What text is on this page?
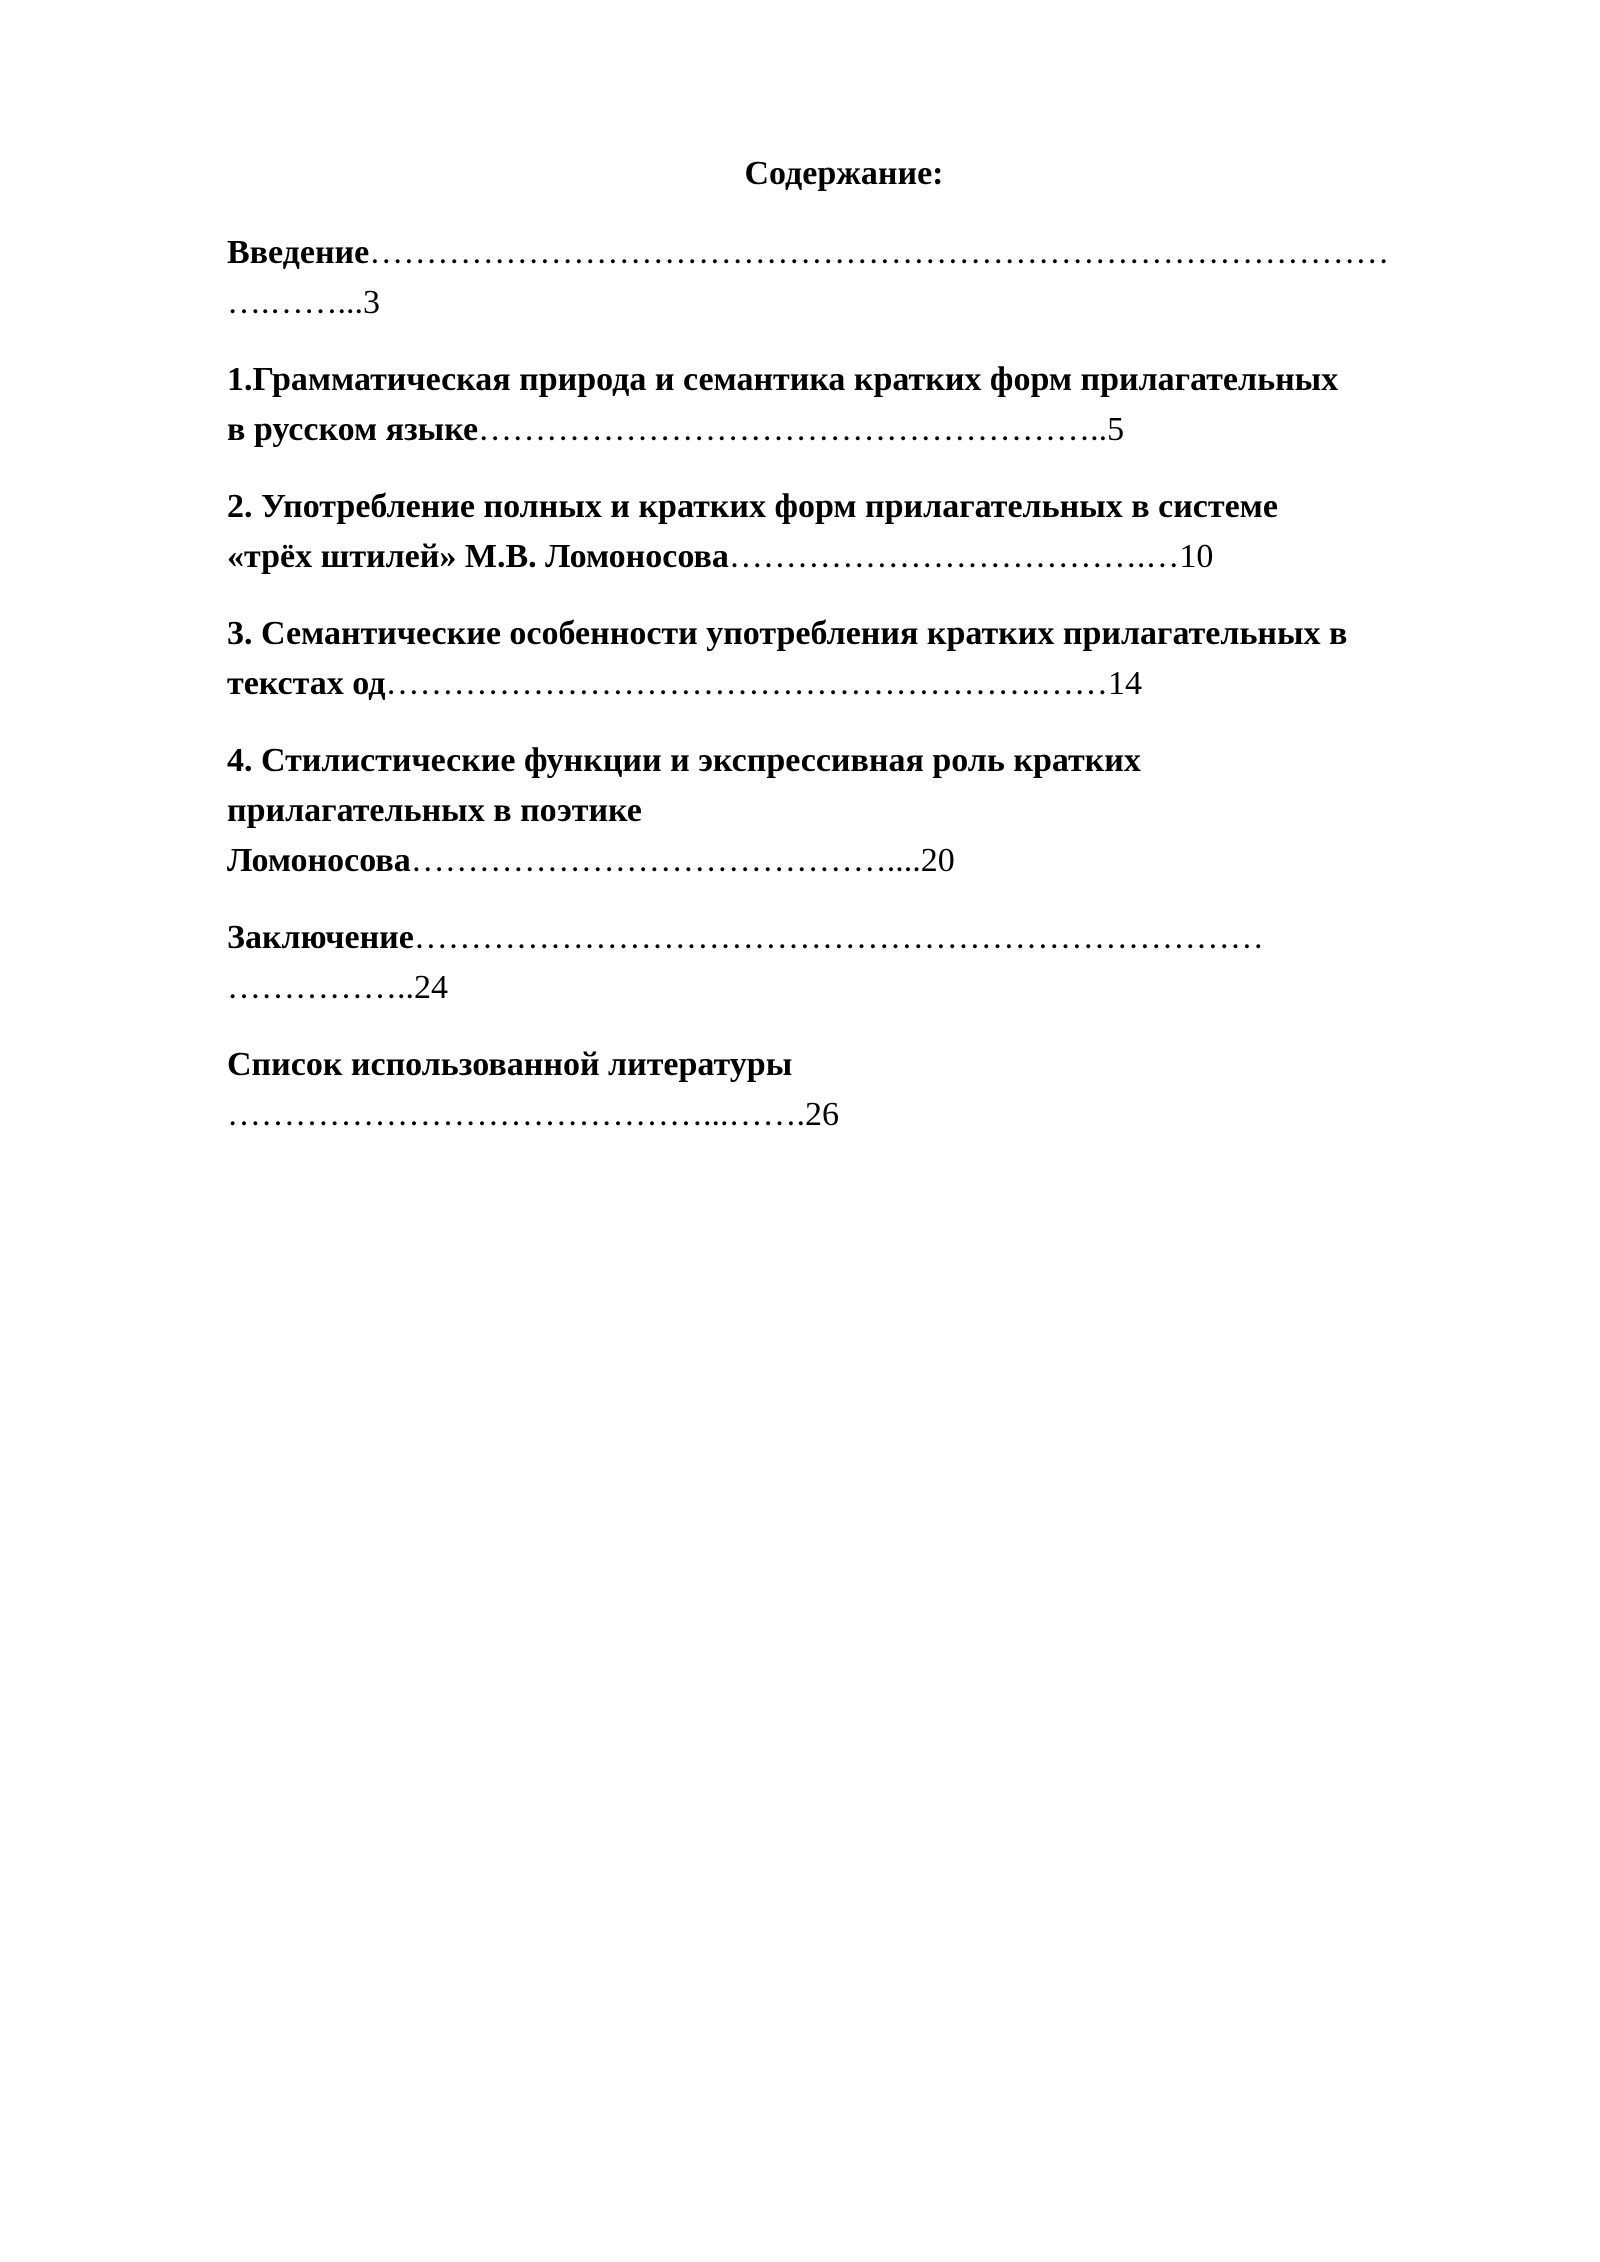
Содержание:
Введение………………………………………………………………………………
….……...3
1.Грамматическая природа и семантика кратких форм прилагательных
в русском языке………………………………………………..5
2. Употребление полных и кратких форм прилагательных в системе
«трёх штилей» М.В. Ломоносова……………………………….…10
3. Семантические особенности употребления кратких прилагательных в
текстах од………………………………………………….……14
4. Стилистические функции и экспрессивная роль кратких
прилагательных в поэтике
Ломоносова……………………………………....20
Заключение…………………………………………………………………
……………..24
Список использованной литературы
……………………………………...…….26
